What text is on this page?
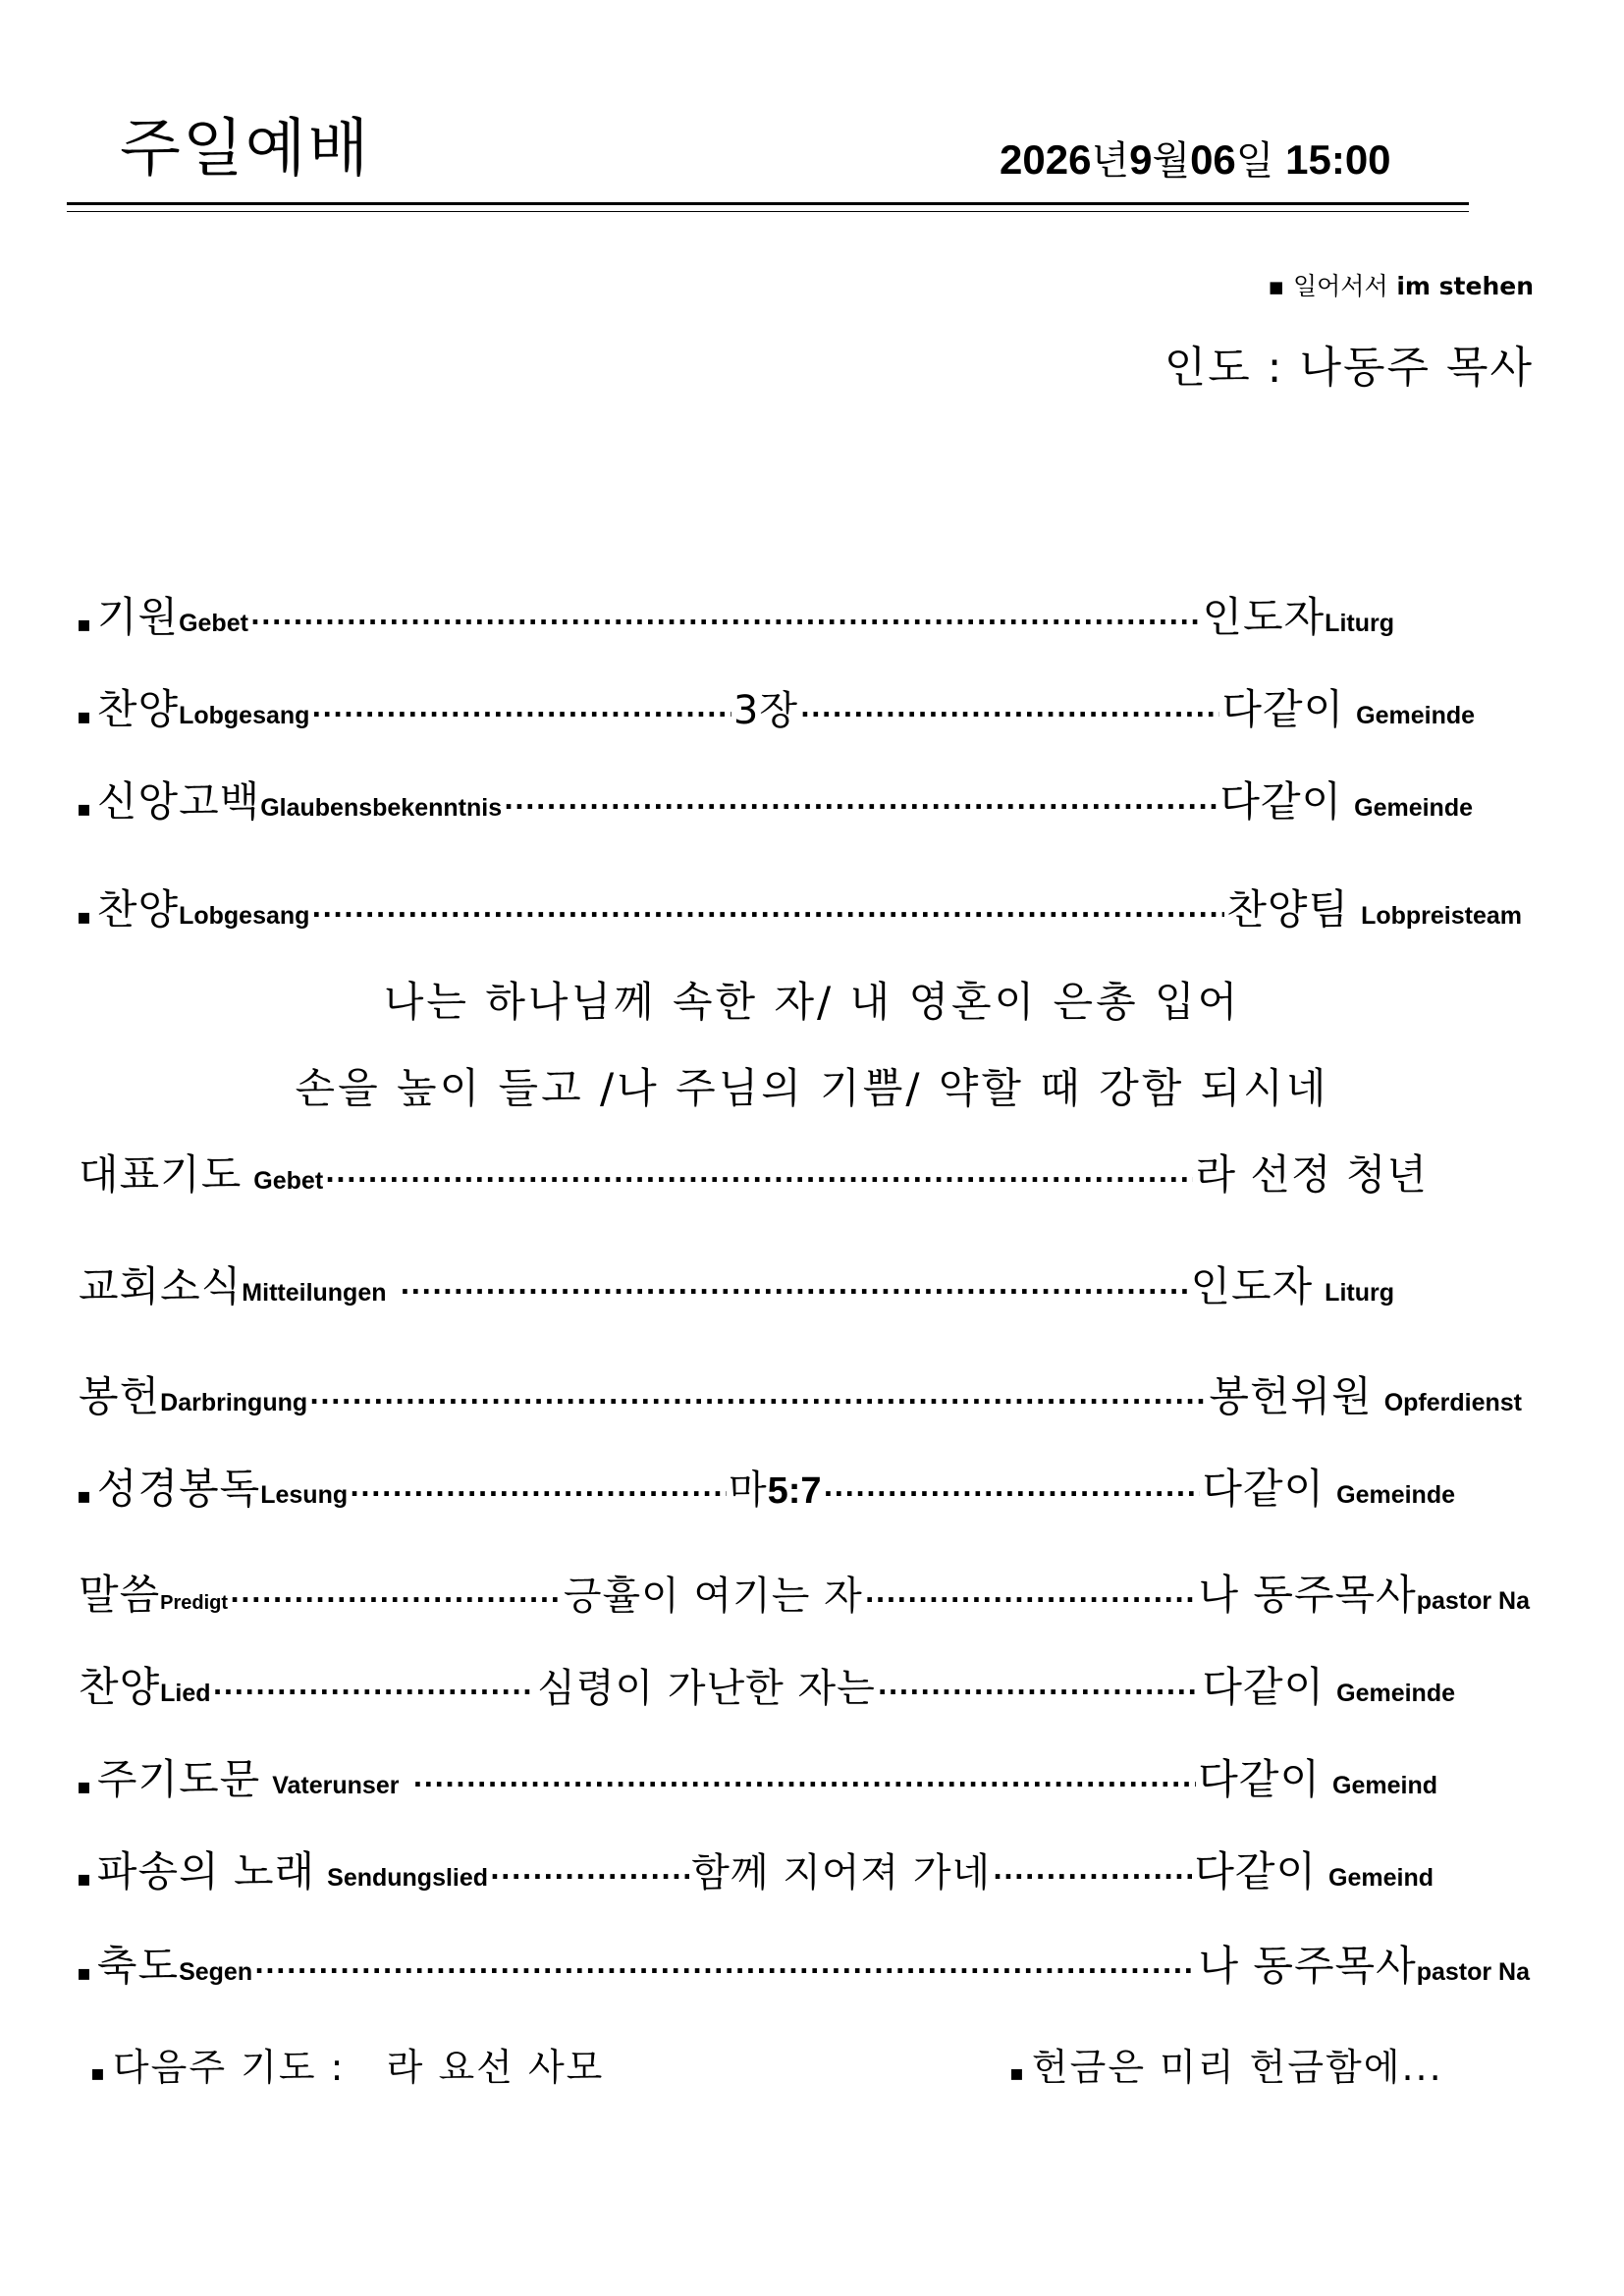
주일예배	2026년9월06일 15:00
▪ 일어서서 im stehen
인도 : 나동주 목사
▪ 기원 Gebet .....	인도자 Liturg
▪ 찬양 Lobgesang .....	3장 .....	다같이 Gemeinde
▪ 신앙고백 Glaubensbekenntnis .....	다같이 Gemeinde
▪ 찬양 Lobgesang .....	찬양팀 Lobpreisteam
나는 하나님께 속한 자/ 내 영혼이 은총 입어
손을 높이 들고 /나 주님의 기쁨/ 약할 때 강함 되시네
대표기도 Gebet .....	라 선정 청년
교회소식 Mitteilungen .....	인도자 Liturg
봉헌 Darbringung .....	봉헌위원 Opferdienst
▪ 성경봉독 Lesung .....	마 5:7 .....	다같이 Gemeinde
말씀 Predigt .....	긍휼이 여기는 자 .....	나 동주목사 pastor Na
찬양 Lied .....	심령이 가난한 자는 .....	다같이 Gemeinde
▪ 주기도문 Vaterunser .....	다같이 Gemeind
▪ 파송의 노래 Sendungslied .....	함께 지어져 가네 .....	다같이 Gemeind
▪ 축도 Segen .....	나 동주목사 pastor Na
▪ 다음주 기도 :   라 요선 사모	▪ 헌금은 미리 헌금함에...
